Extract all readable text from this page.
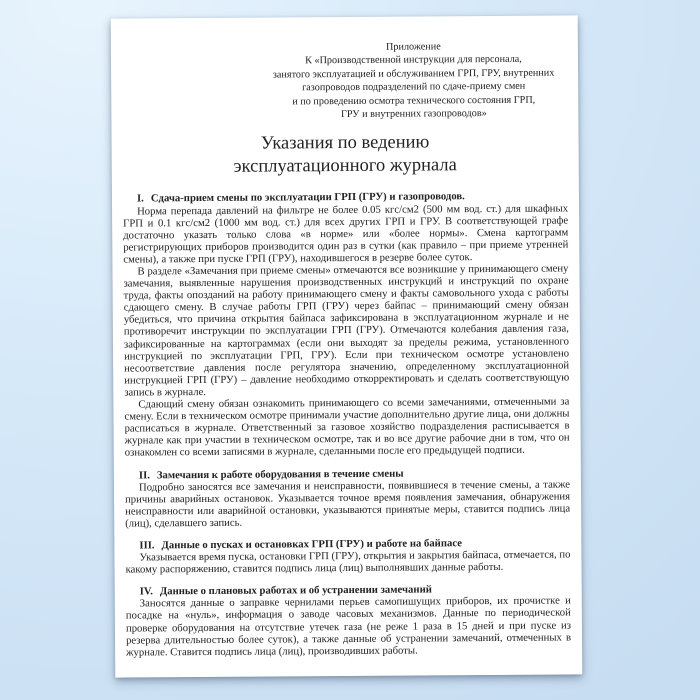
Приложение
К «Производственной инструкции для персонала,
занятого эксплуатацией и обслуживанием ГРП, ГРУ, внутренних
газопроводов подразделений по сдаче-приему смен
и по проведению осмотра технического состояния ГРП,
ГРУ и внутренних газопроводов»
Указания по ведению
эксплуатационного журнала
I. Сдача-прием смены по эксплуатации ГРП (ГРУ) и газопроводов.

Норма перепада давлений на фильтре не более 0.05 кгс/см2 (500 мм вод. ст.) для шкафных ГРП и 0.1 кгс/см2 (1000 мм вод. ст.) для всех других ГРП и ГРУ. В соответствующей графе достаточно указать только слова «в норме» или «более нормы». Смена картограмм регистрирующих приборов производится один раз в сутки (как правило – при приеме утренней смены), а также при пуске ГРП (ГРУ), находившегося в резерве более суток.

В разделе «Замечания при приеме смены» отмечаются все возникшие у принимающего смену замечания, выявленные нарушения производственных инструкций и инструкций по охране труда, факты опозданий на работу принимающего смену и факты самовольного ухода с работы сдающего смену. В случае работы ГРП (ГРУ) через байпас – принимающий смену обязан убедиться, что причина открытия байпаса зафиксирована в эксплуатационном журнале и не противоречит инструкции по эксплуатации ГРП (ГРУ). Отмечаются колебания давления газа, зафиксированные на картограммах (если они выходят за пределы режима, установленного инструкцией по эксплуатации ГРП, ГРУ). Если при техническом осмотре установлено несоответствие давления после регулятора значению, определенному эксплуатационной инструкцией ГРП (ГРУ) – давление необходимо откорректировать и сделать соответствующую запись в журнале.

Сдающий смену обязан ознакомить принимающего со всеми замечаниями, отмеченными за смену. Если в техническом осмотре принимали участие дополнительно другие лица, они должны расписаться в журнале. Ответственный за газовое хозяйство подразделения расписывается в журнале как при участии в техническом осмотре, так и во все другие рабочие дни в том, что он ознакомлен со всеми записями в журнале, сделанными после его предыдущей подписи.

II. Замечания к работе оборудования в течение смены

Подробно заносятся все замечания и неисправности, появившиеся в течение смены, а также причины аварийных остановок. Указывается точное время появления замечания, обнаружения неисправности или аварийной остановки, указываются принятые меры, ставится подпись лица (лиц), сделавшего запись.

III. Данные о пусках и остановках ГРП (ГРУ) и работе на байпасе

Указывается время пуска, остановки ГРП (ГРУ), открытия и закрытия байпаса, отмечается, по какому распоряжению, ставится подпись лица (лиц) выполнявших данные работы.

IV. Данные о плановых работах и об устранении замечаний

Заносятся данные о заправке чернилами перьев самопишущих приборов, их прочистке и посадке на «нуль», информация о заводе часовых механизмов. Данные по периодической проверке оборудования на отсутствие утечек газа (не реже 1 раза в 15 дней и при пуске из резерва длительностью более суток), а также данные об устранении замечаний, отмеченных в журнале. Ставится подпись лица (лиц), производивших работы.
